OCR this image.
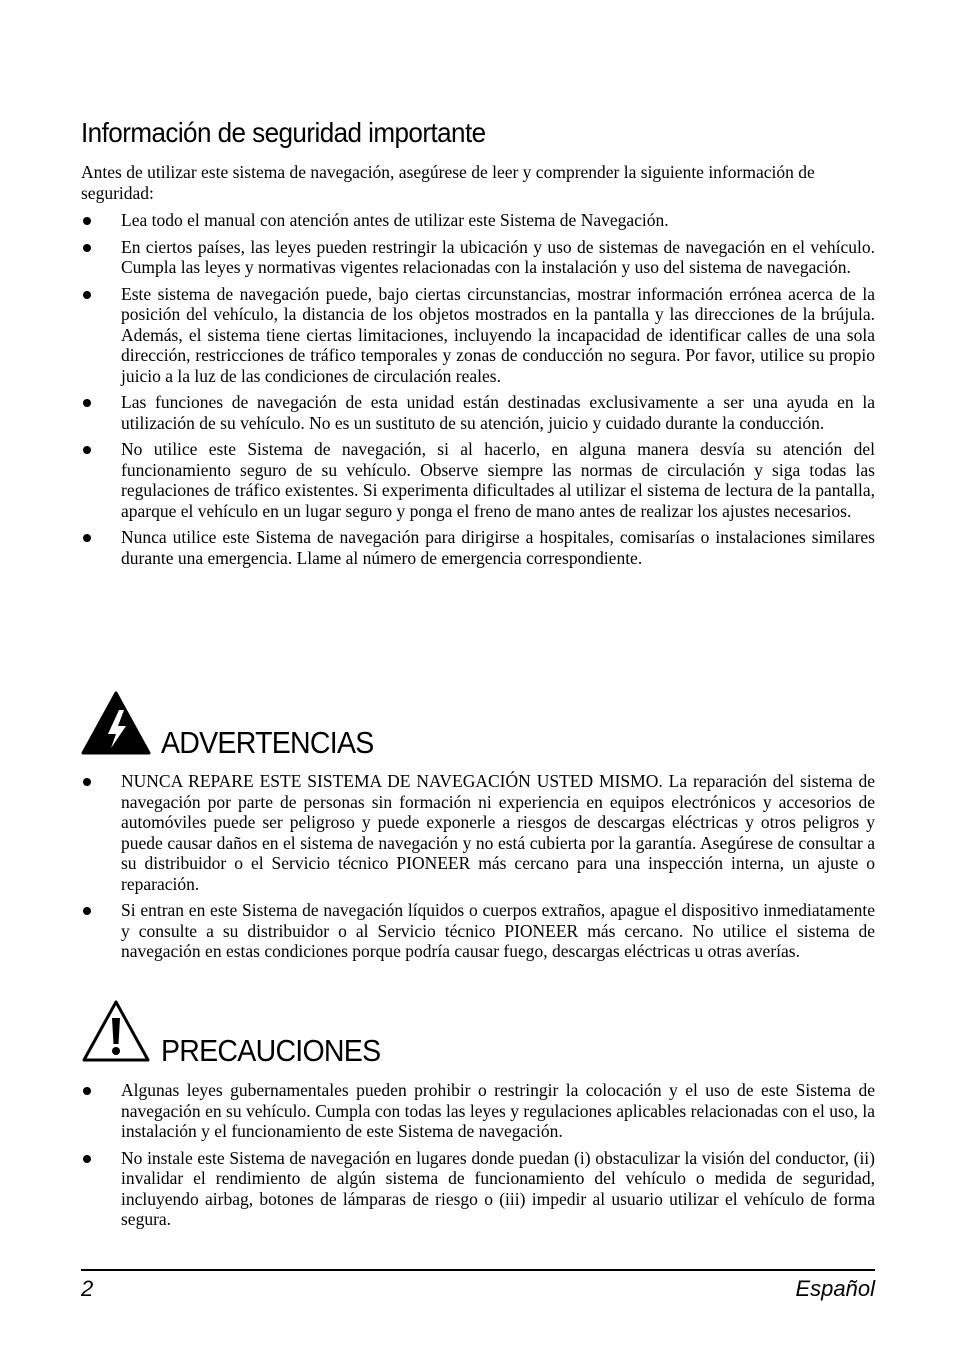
Información de seguridad importante
Antes de utilizar este sistema de navegación, asegúrese de leer y comprender la siguiente información de seguridad:
Lea todo el manual con atención antes de utilizar este Sistema de Navegación.
En ciertos países, las leyes pueden restringir la ubicación y uso de sistemas de navegación en el vehículo. Cumpla las leyes y normativas vigentes relacionadas con la instalación y uso del sistema de navegación.
Este sistema de navegación puede, bajo ciertas circunstancias, mostrar información errónea acerca de la posición del vehículo, la distancia de los objetos mostrados en la pantalla y las direcciones de la brújula. Además, el sistema tiene ciertas limitaciones, incluyendo la incapacidad de identificar calles de una sola dirección, restricciones de tráfico temporales y zonas de conducción no segura. Por favor, utilice su propio juicio a la luz de las condiciones de circulación reales.
Las funciones de navegación de esta unidad están destinadas exclusivamente a ser una ayuda en la utilización de su vehículo. No es un sustituto de su atención, juicio y cuidado durante la conducción.
No utilice este Sistema de navegación, si al hacerlo, en alguna manera desvía su atención del funcionamiento seguro de su vehículo. Observe siempre las normas de circulación y siga todas las regulaciones de tráfico existentes. Si experimenta dificultades al utilizar el sistema de lectura de la pantalla, aparque el vehículo en un lugar seguro y ponga el freno de mano antes de realizar los ajustes necesarios.
Nunca utilice este Sistema de navegación para dirigirse a hospitales, comisarías o instalaciones similares durante una emergencia. Llame al número de emergencia correspondiente.
ADVERTENCIAS
NUNCA REPARE ESTE SISTEMA DE NAVEGACIÓN USTED MISMO. La reparación del sistema de navegación por parte de personas sin formación ni experiencia en equipos electrónicos y accesorios de automóviles puede ser peligroso y puede exponerle a riesgos de descargas eléctricas y otros peligros y puede causar daños en el sistema de navegación y no está cubierta por la garantía. Asegúrese de consultar a su distribuidor o el Servicio técnico PIONEER más cercano para una inspección interna, un ajuste o reparación.
Si entran en este Sistema de navegación líquidos o cuerpos extraños, apague el dispositivo inmediatamente y consulte a su distribuidor o al Servicio técnico PIONEER más cercano. No utilice el sistema de navegación en estas condiciones porque podría causar fuego, descargas eléctricas u otras averías.
PRECAUCIONES
Algunas leyes gubernamentales pueden prohibir o restringir la colocación y el uso de este Sistema de navegación en su vehículo. Cumpla con todas las leyes y regulaciones aplicables relacionadas con el uso, la instalación y el funcionamiento de este Sistema de navegación.
No instale este Sistema de navegación en lugares donde puedan (i) obstaculizar la visión del conductor, (ii) invalidar el rendimiento de algún sistema de funcionamiento del vehículo o medida de seguridad, incluyendo airbag, botones de lámparas de riesgo o (iii) impedir al usuario utilizar el vehículo de forma segura.
2	Español
